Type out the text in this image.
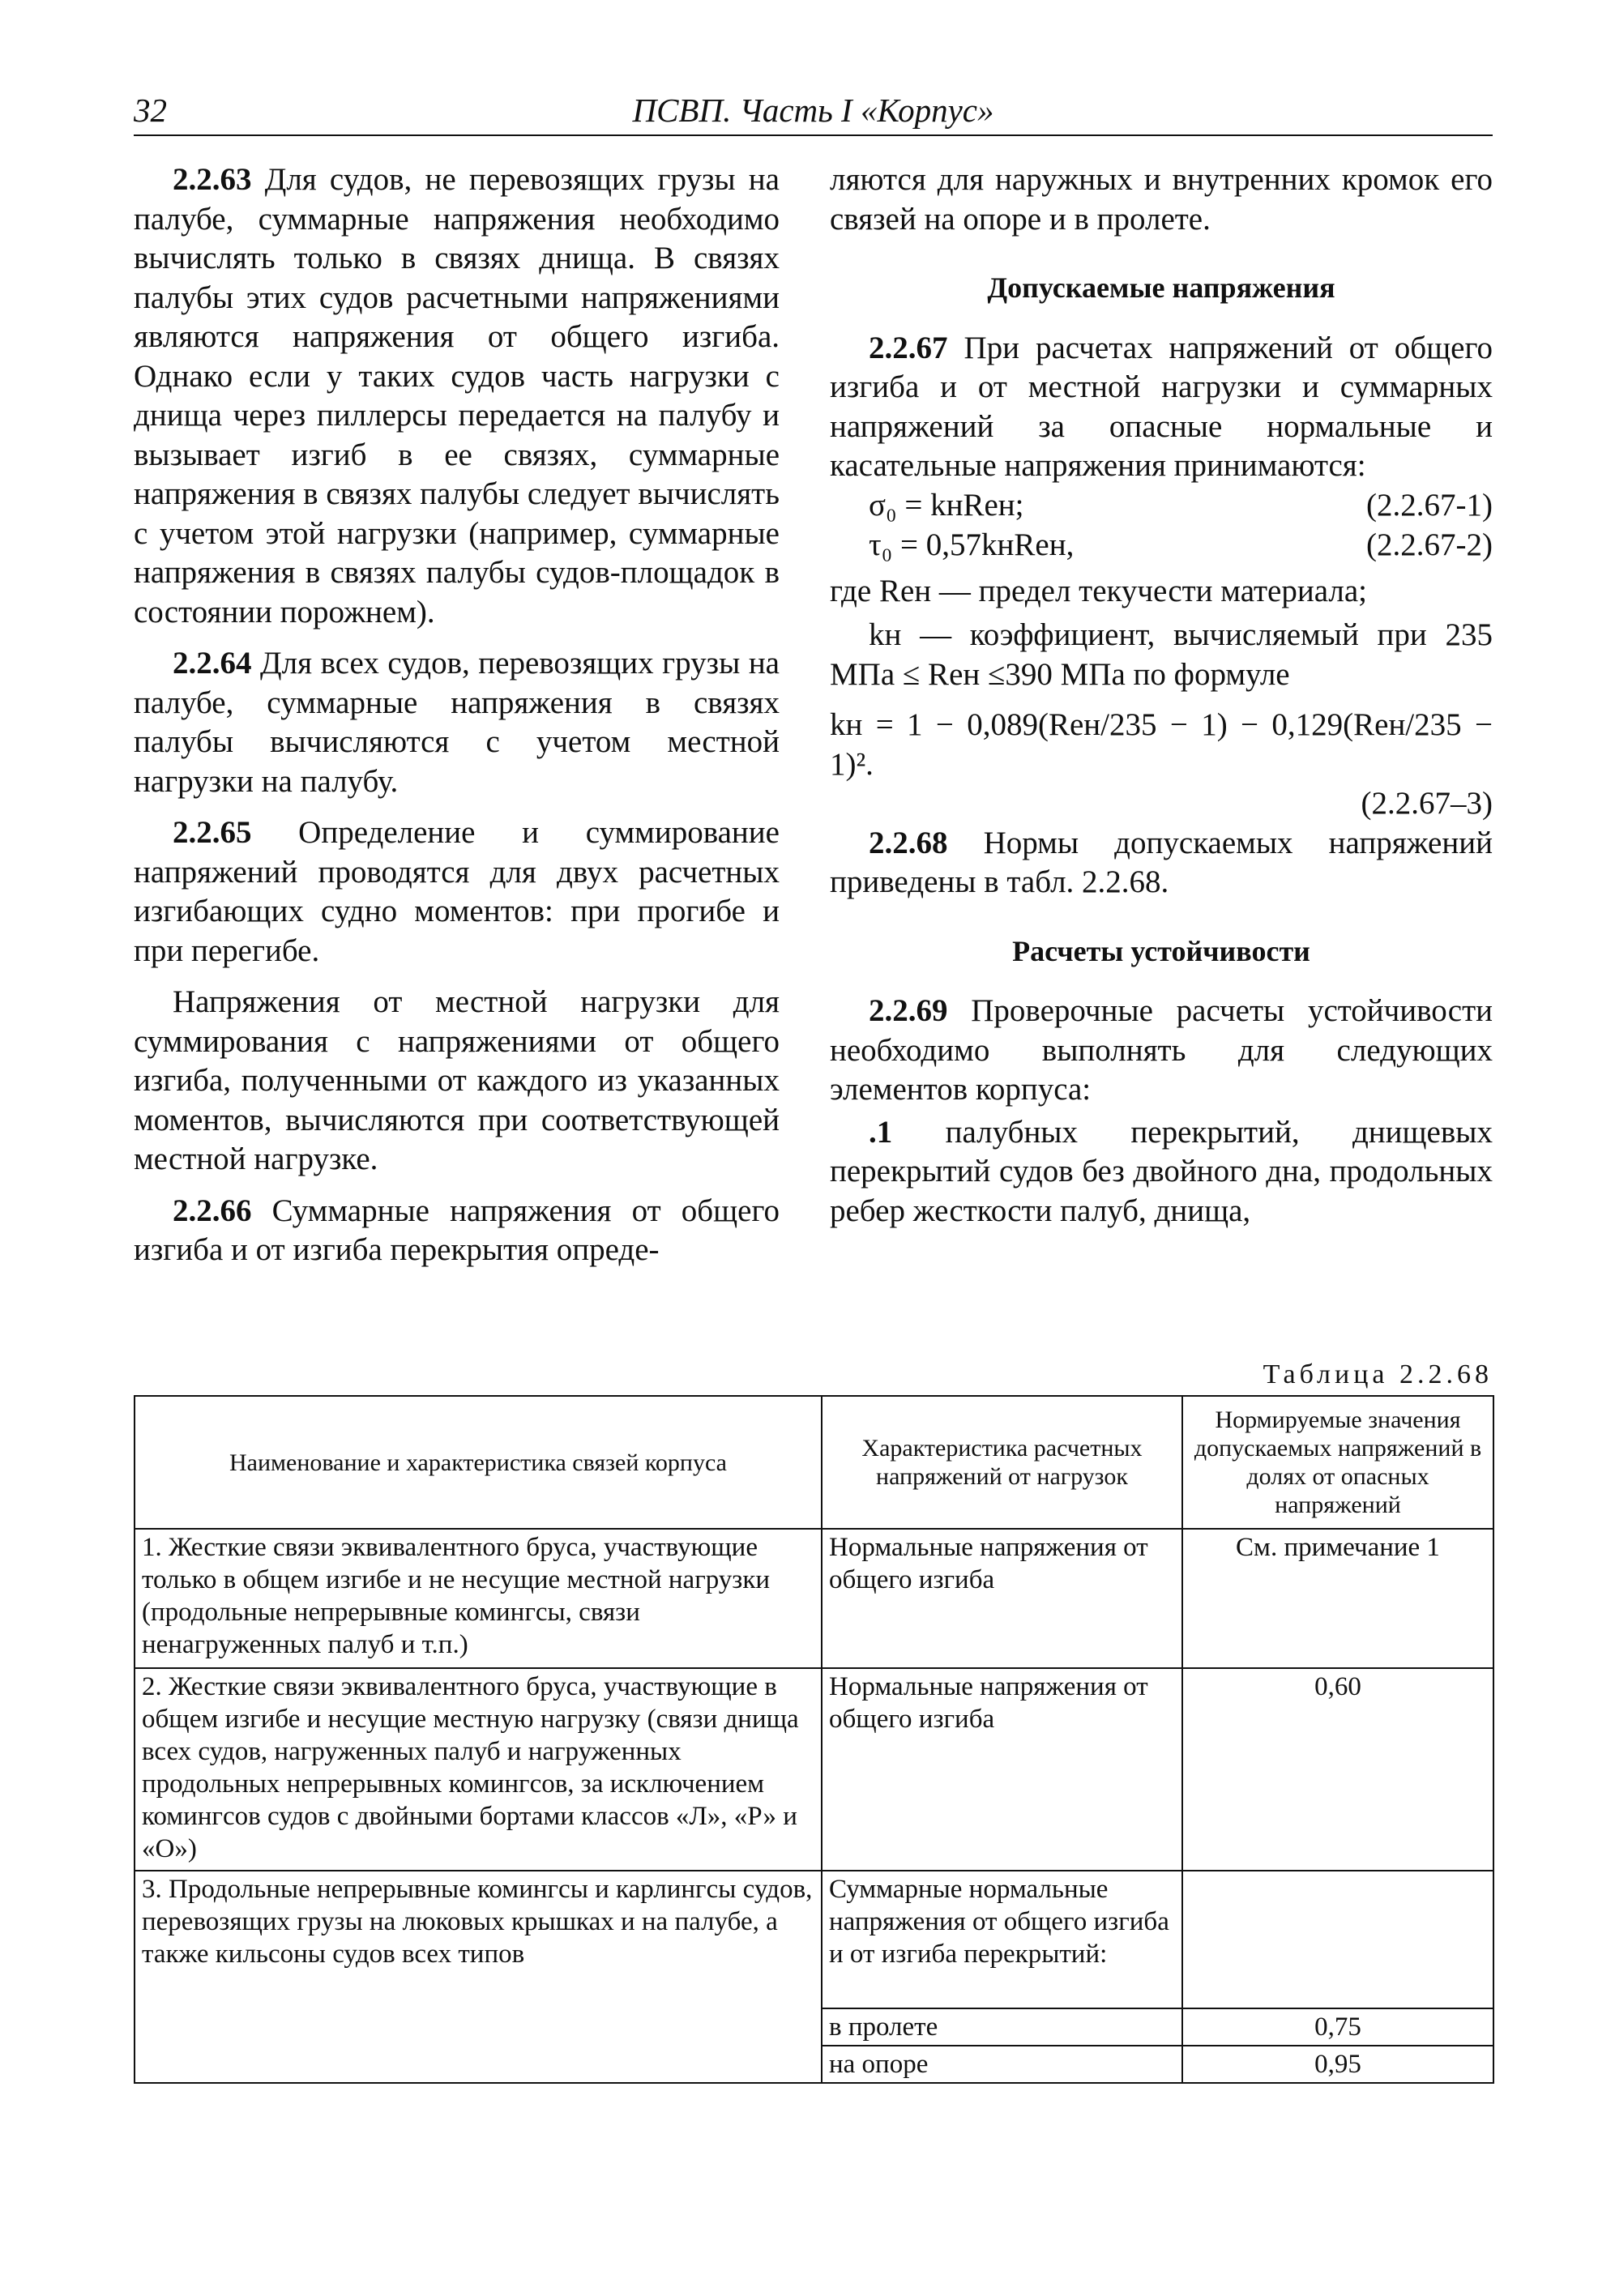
32	ПСВП. Часть I «Корпус»

2.2.63 Для судов, не перевозящих грузы на палубе, суммарные напряжения необходимо вычислять только в связях днища. В связях палубы этих судов расчетными напряжениями являются напряжения от общего изгиба. Однако если у таких судов часть нагрузки с днища через пиллерсы передается на палубу и вызывает изгиб в ее связях, суммарные напряжения в связях палубы следует вычислять с учетом этой нагрузки (например, суммарные напряжения в связях палубы судов-площадок в состоянии порожнем).

2.2.64 Для всех судов, перевозящих грузы на палубе, суммарные напряжения в связях палубы вычисляются с учетом местной нагрузки на палубу.

2.2.65 Определение и суммирование напряжений проводятся для двух расчетных изгибающих судно моментов: при прогибе и при перегибе.

Напряжения от местной нагрузки для суммирования с напряжениями от общего изгиба, полученными от каждого из указанных моментов, вычисляются при соответствующей местной нагрузке.

2.2.66 Суммарные напряжения от общего изгиба и от изгиба перекрытия опреде-

ляются для наружных и внутренних кромок его связей на опоре и в пролете.

Допускаемые напряжения

2.2.67 При расчетах напряжений от общего изгиба и от местной нагрузки и суммарных напряжений за опасные нормальные и касательные напряжения принимаются:

σ₀ = kнReн;	(2.2.67-1)
τ₀ = 0,57kнReн,	(2.2.67-2)

где Reн — предел текучести материала;

kн — коэффициент, вычисляемый при 235 МПа ≤ Reн ≤390 МПа по формуле

kн = 1 − 0,089(Reн/235 − 1) − 0,129(Reн/235 − 1)².

(2.2.67–3)

2.2.68 Нормы допускаемых напряжений приведены в табл. 2.2.68.

Расчеты устойчивости

2.2.69 Проверочные расчеты устойчивости необходимо выполнять для следующих элементов корпуса:

.1 палубных перекрытий, днищевых перекрытий судов без двойного дна, продольных ребер жесткости палуб, днища,

Таблица 2.2.68
Наименование и характеристика связей корпуса	Характеристика расчетных напряжений от нагрузок	Нормируемые значения допускаемых напряжений в долях от опасных напряжений
1. Жесткие связи эквивалентного бруса, участвующие только в общем изгибе и не несущие местной нагрузки (продольные непрерывные комингсы, связи ненагруженных палуб и т.п.)	Нормальные напряжения от общего изгиба	См. примечание 1
2. Жесткие связи эквивалентного бруса, участвующие в общем изгибе и несущие местную нагрузку (связи днища всех судов, нагруженных палуб и нагруженных продольных непрерывных комингсов, за исключением комингсов судов с двойными бортами классов «Л», «Р» и «О»)	Нормальные напряжения от общего изгиба	0,60
3. Продольные непрерывные комингсы и карлингсы судов, перевозящих грузы на люковых крышках и на палубе, а также кильсоны судов всех типов	Суммарные нормальные напряжения от общего изгиба и от изгиба перекрытий:	
	в пролете	0,75
	на опоре	0,95
